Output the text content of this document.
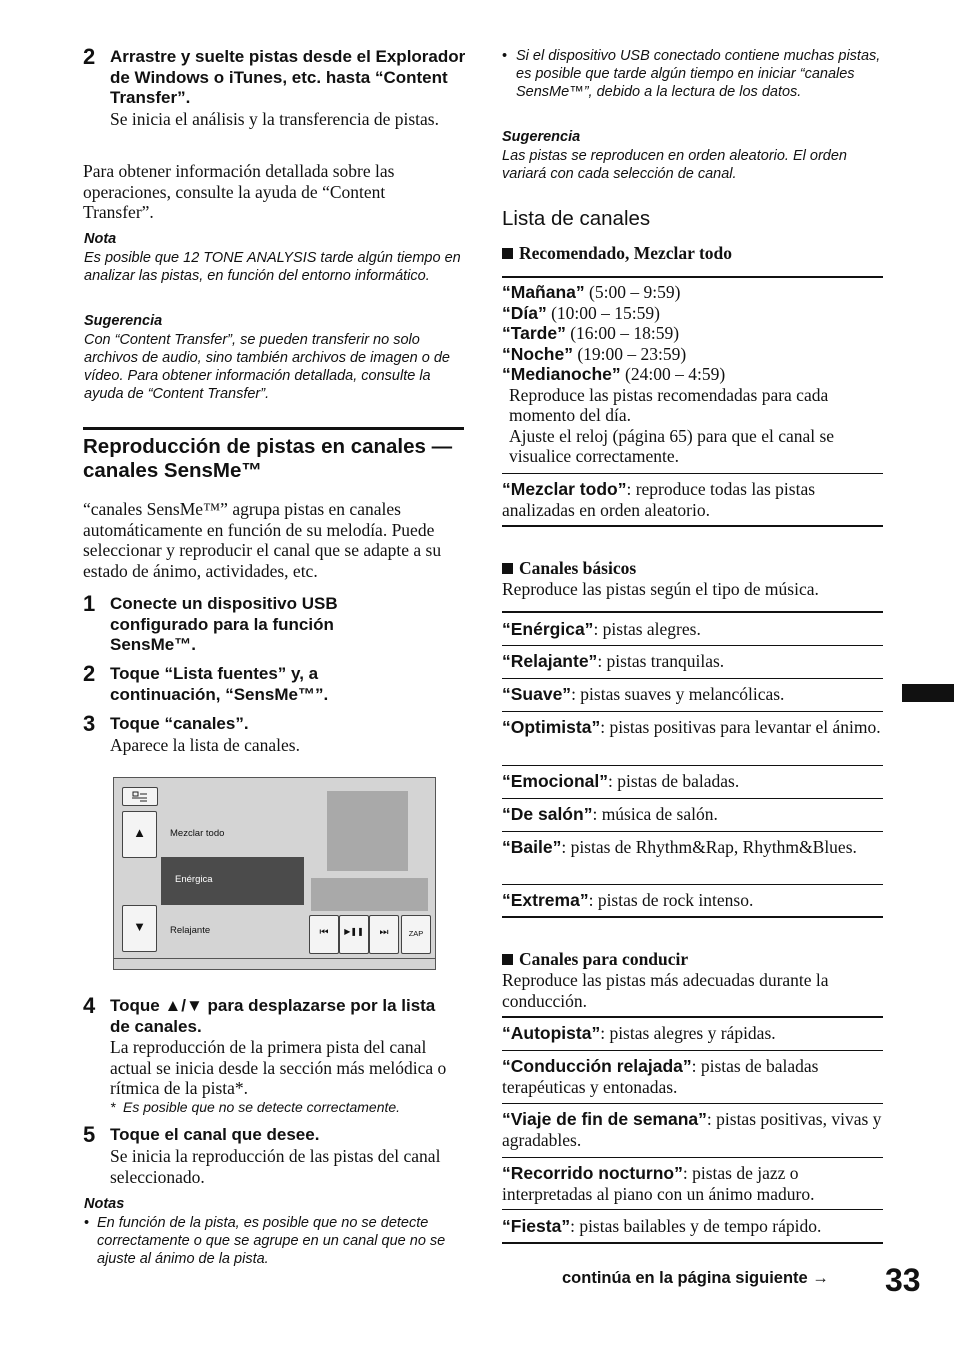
2 Arrastre y suelte pistas desde el Explorador de Windows o iTunes, etc. hasta “Content Transfer”.
Se inicia el análisis y la transferencia de pistas.
Para obtener información detallada sobre las operaciones, consulte la ayuda de “Content Transfer”.
Nota
Es posible que 12 TONE ANALYSIS tarde algún tiempo en analizar las pistas, en función del entorno informático.
Sugerencia
Con “Content Transfer”, se pueden transferir no solo archivos de audio, sino también archivos de imagen o de vídeo. Para obtener información detallada, consulte la ayuda de “Content Transfer”.
Reproducción de pistas en canales — canales SensMe™
“canales SensMe™” agrupa pistas en canales automáticamente en función de su melodía. Puede seleccionar y reproducir el canal que se adapte a su estado de ánimo, actividades, etc.
1 Conecte un dispositivo USB configurado para la función SensMe™.
2 Toque “Lista fuentes” y, a continuación, “SensMe™”.
3 Toque “canales”.
Aparece la lista de canales.
▲
▼
Mezclar todo
Enérgica
Relajante	⏮	▶❚❚	⏭	ZAP
4 Toque ▲/▼ para desplazarse por la lista de canales.
La reproducción de la primera pista del canal actual se inicia desde la sección más melódica o rítmica de la pista*.
* Es posible que no se detecte correctamente.
5 Toque el canal que desee.
Se inicia la reproducción de las pistas del canal seleccionado.
Notas
• En función de la pista, es posible que no se detecte correctamente o que se agrupe en un canal que no se ajuste al ánimo de la pista.
• Si el dispositivo USB conectado contiene muchas pistas, es posible que tarde algún tiempo en iniciar “canales SensMe™”, debido a la lectura de los datos.
Sugerencia
Las pistas se reproducen en orden aleatorio. El orden variará con cada selección de canal.
Lista de canales
Recomendado, Mezclar todo
“Mañana” (5:00 – 9:59)
“Día” (10:00 – 15:59)
“Tarde” (16:00 – 18:59)
“Noche” (19:00 – 23:59)
“Medianoche” (24:00 – 4:59)
Reproduce las pistas recomendadas para cada momento del día.
Ajuste el reloj (página 65) para que el canal se visualice correctamente.
“Mezclar todo”: reproduce todas las pistas analizadas en orden aleatorio.
Canales básicos
Reproduce las pistas según el tipo de música.
“Enérgica”: pistas alegres.
“Relajante”: pistas tranquilas.
“Suave”: pistas suaves y melancólicas.
“Optimista”: pistas positivas para levantar el ánimo.
“Emocional”: pistas de baladas.
“De salón”: música de salón.
“Baile”: pistas de Rhythm&Rap, Rhythm&Blues.
“Extrema”: pistas de rock intenso.
Canales para conducir
Reproduce las pistas más adecuadas durante la conducción.
“Autopista”: pistas alegres y rápidas.
“Conducción relajada”: pistas de baladas terapéuticas y entonadas.
“Viaje de fin de semana”: pistas positivas, vivas y agradables.
“Recorrido nocturno”: pistas de jazz o interpretadas al piano con un ánimo maduro.
“Fiesta”: pistas bailables y de tempo rápido.
continúa en la página siguiente → 33
